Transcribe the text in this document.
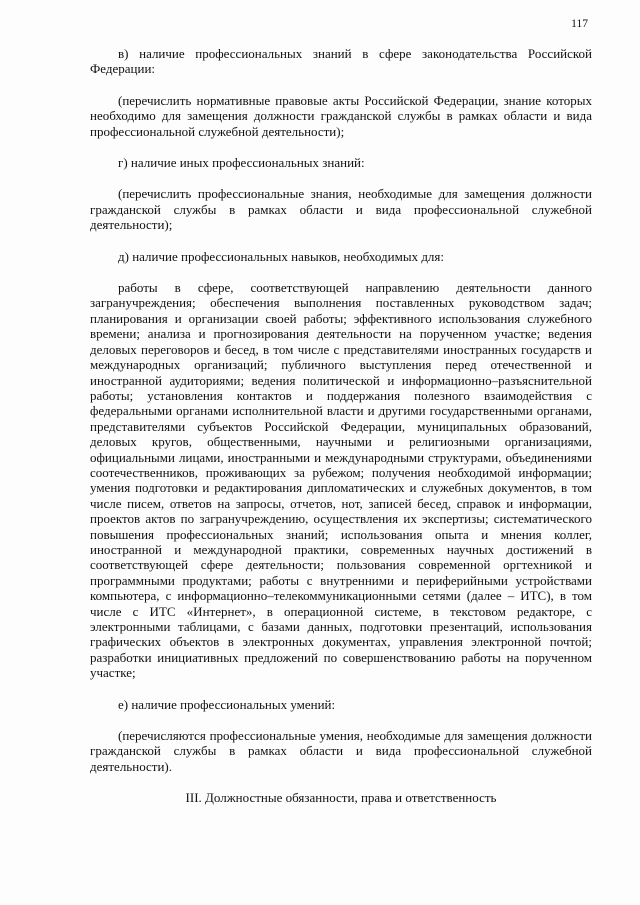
117

в) наличие профессиональных знаний в сфере законодательства Российской Федерации:

(перечислить нормативные правовые акты Российской Федерации, знание которых необходимо для замещения должности гражданской службы в рамках области и вида профессиональной служебной деятельности);

г) наличие иных профессиональных знаний:

(перечислить профессиональные знания, необходимые для замещения должности гражданской службы в рамках области и вида профессиональной служебной деятельности);

д) наличие профессиональных навыков, необходимых для:

работы в сфере, соответствующей направлению деятельности данного загранучреждения; обеспечения выполнения поставленных руководством задач; планирования и организации своей работы; эффективного использования служебного времени; анализа и прогнозирования деятельности на порученном участке; ведения деловых переговоров и бесед, в том числе с представителями иностранных государств и международных организаций; публичного выступления перед отечественной и иностранной аудиториями; ведения политической и информационно–разъяснительной работы; установления контактов и поддержания полезного взаимодействия с федеральными органами исполнительной власти и другими государственными органами, представителями субъектов Российской Федерации, муниципальных образований, деловых кругов, общественными, научными и религиозными организациями, официальными лицами, иностранными и международными структурами, объединениями соотечественников, проживающих за рубежом; получения необходимой информации; умения подготовки и редактирования дипломатических и служебных документов, в том числе писем, ответов на запросы, отчетов, нот, записей бесед, справок и информации, проектов актов по загранучреждению, осуществления их экспертизы; систематического повышения профессиональных знаний; использования опыта и мнения коллег, иностранной и международной практики, современных научных достижений в соответствующей сфере деятельности; пользования современной оргтехникой и программными продуктами; работы с внутренними и периферийными устройствами компьютера, с информационно–телекоммуникационными сетями (далее – ИТС), в том числе с ИТС «Интернет», в операционной системе, в текстовом редакторе, с электронными таблицами, с базами данных, подготовки презентаций, использования графических объектов в электронных документах, управления электронной почтой; разработки инициативных предложений по совершенствованию работы на порученном участке;

е) наличие профессиональных умений:

(перечисляются профессиональные умения, необходимые для замещения должности гражданской службы в рамках области и вида профессиональной служебной деятельности).

III. Должностные обязанности, права и ответственность
